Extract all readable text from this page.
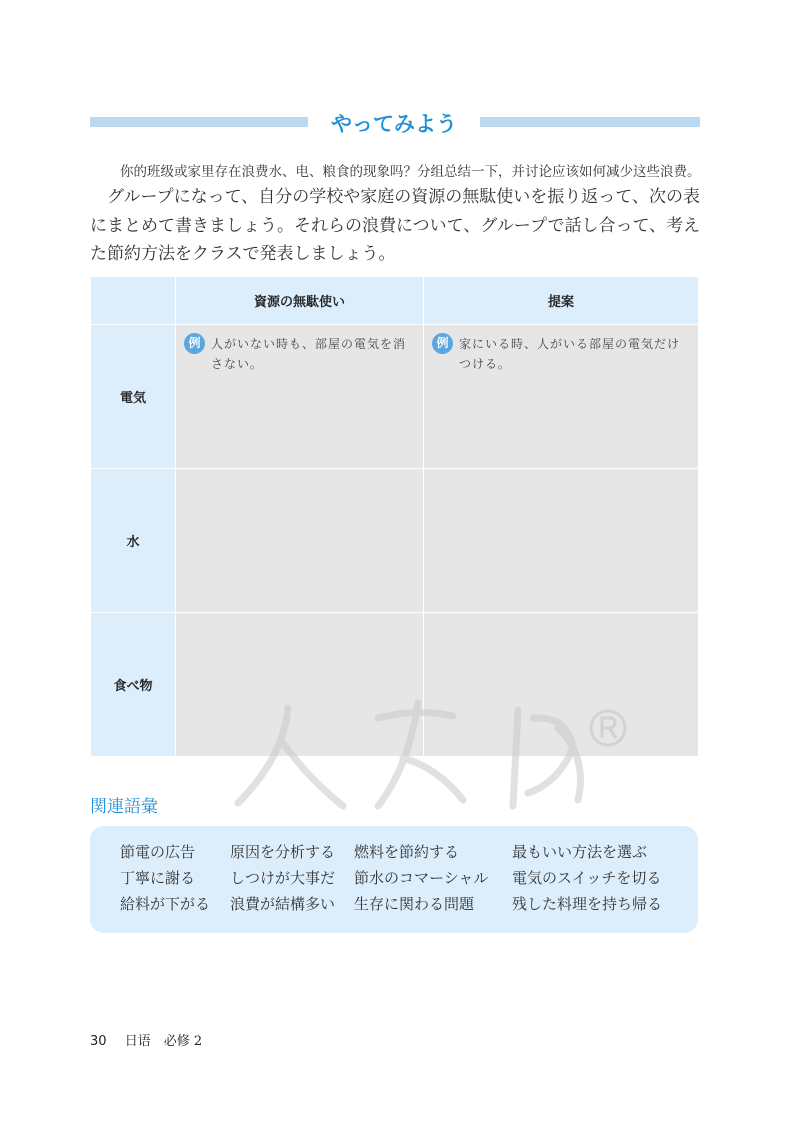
やってみよう
你的班级或家里存在浪费水、电、粮食的现象吗？分组总结一下，并讨论应该如何减少这些浪费。
グループになって、自分の学校や家庭の資源の無駄使いを振り返って、次の表にまとめて書きましょう。それらの浪費について、グループで話し合って、考えた節約方法をクラスで発表しましょう。
	資源の無駄使い	提案
電気	例 人がいない時も、部屋の電気を消さない。	例 家にいる時、人がいる部屋の電気だけつける。

水		
食べ物		
関連語彙
節電の広告	原因を分析する	燃料を節約する	最もいい方法を選ぶ
丁寧に謝る	しつけが大事だ	節水のコマーシャル	電気のスイッチを切る
給料が下がる	浪費が結構多い	生存に関わる問題	残した料理を持ち帰る
30 日语　必修 2
